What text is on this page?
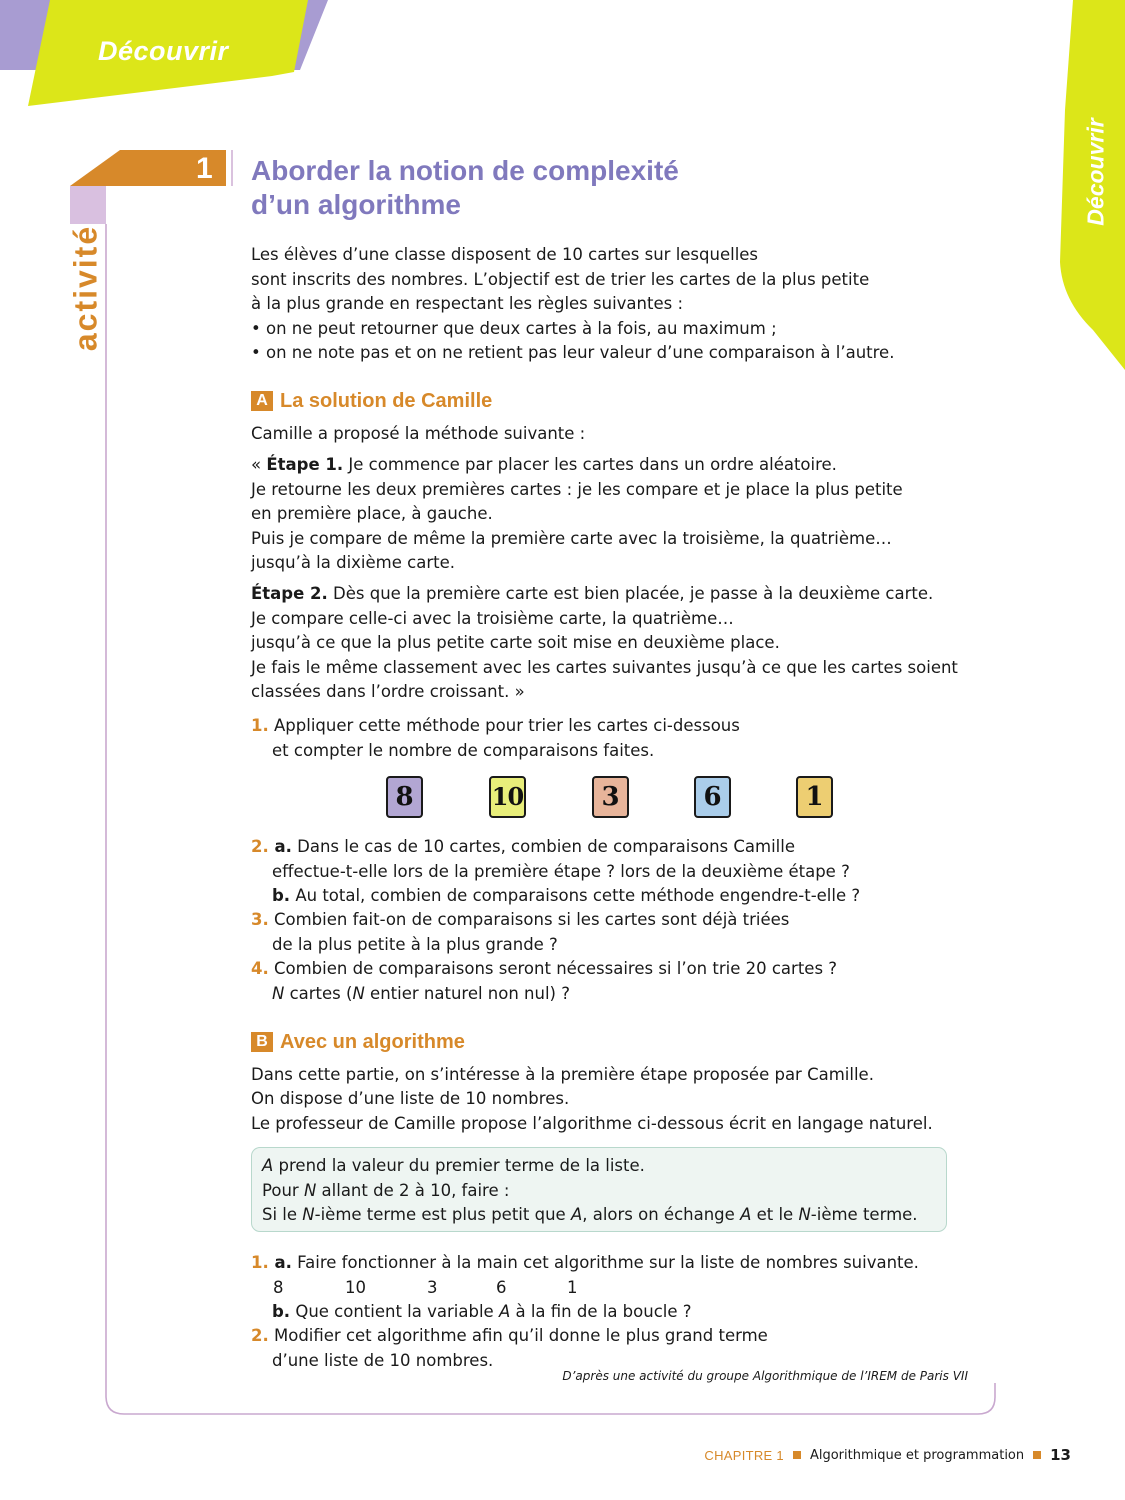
Découvrir
Découvrir
activité
1 Aborder la notion de complexité
d’un algorithme
Les élèves d’une classe disposent de 10 cartes sur lesquelles
sont inscrits des nombres. L’objectif est de trier les cartes de la plus petite
à la plus grande en respectant les règles suivantes :
• on ne peut retourner que deux cartes à la fois, au maximum ;
• on ne note pas et on ne retient pas leur valeur d’une comparaison à l’autre.
A La solution de Camille
Camille a proposé la méthode suivante :
« Étape 1. Je commence par placer les cartes dans un ordre aléatoire.
Je retourne les deux premières cartes : je les compare et je place la plus petite
en première place, à gauche.
Puis je compare de même la première carte avec la troisième, la quatrième…
jusqu’à la dixième carte.
Étape 2. Dès que la première carte est bien placée, je passe à la deuxième carte.
Je compare celle-ci avec la troisième carte, la quatrième…
jusqu’à ce que la plus petite carte soit mise en deuxième place.
Je fais le même classement avec les cartes suivantes jusqu’à ce que les cartes soient
classées dans l’ordre croissant. »
1. Appliquer cette méthode pour trier les cartes ci-dessous
et compter le nombre de comparaisons faites.
8	10	3	6	1
2. a. Dans le cas de 10 cartes, combien de comparaisons Camille
effectue-t-elle lors de la première étape ? lors de la deuxième étape ?
b. Au total, combien de comparaisons cette méthode engendre-t-elle ?
3. Combien fait-on de comparaisons si les cartes sont déjà triées
de la plus petite à la plus grande ?
4. Combien de comparaisons seront nécessaires si l’on trie 20 cartes ?
N cartes (N entier naturel non nul) ?
B Avec un algorithme
Dans cette partie, on s’intéresse à la première étape proposée par Camille.
On dispose d’une liste de 10 nombres.
Le professeur de Camille propose l’algorithme ci-dessous écrit en langage naturel.
A prend la valeur du premier terme de la liste.
Pour N allant de 2 à 10, faire :
Si le N-ième terme est plus petit que A, alors on échange A et le N-ième terme.
1. a. Faire fonctionner à la main cet algorithme sur la liste de nombres suivante.
8	10	3	6	1
b. Que contient la variable A à la fin de la boucle ?
2. Modifier cet algorithme afin qu’il donne le plus grand terme
d’une liste de 10 nombres.
D’après une activité du groupe Algorithmique de l’IREM de Paris VII
CHAPITRE 1 Algorithmique et programmation 13
